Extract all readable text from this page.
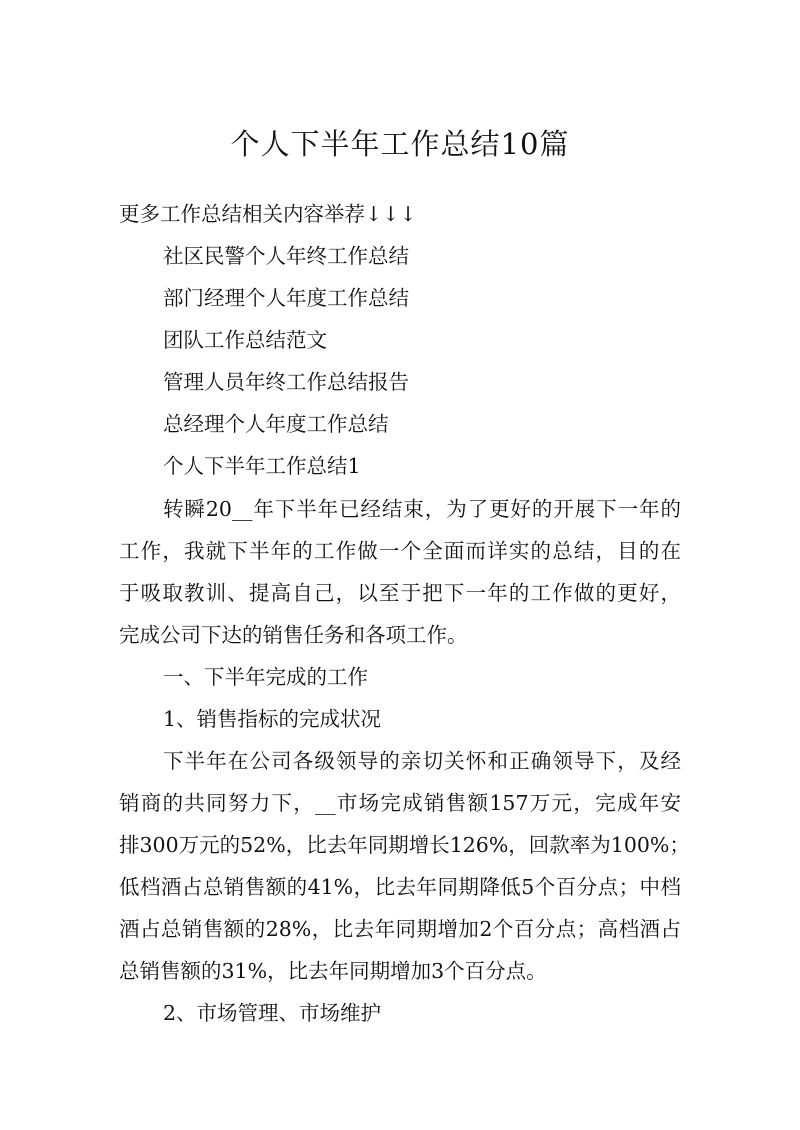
个人下半年工作总结10篇
更多工作总结相关内容举荐↓↓↓
社区民警个人年终工作总结
部门经理个人年度工作总结
团队工作总结范文
管理人员年终工作总结报告
总经理个人年度工作总结
个人下半年工作总结1
转瞬20__年下半年已经结束，为了更好的开展下一年的
工作，我就下半年的工作做一个全面而详实的总结，目的在
于吸取教训、提高自己，以至于把下一年的工作做的更好，
完成公司下达的销售任务和各项工作。
一、下半年完成的工作
1、销售指标的完成状况
下半年在公司各级领导的亲切关怀和正确领导下，及经
销商的共同努力下，__市场完成销售额157万元，完成年安
排300万元的52%，比去年同期增长126%，回款率为100%；
低档酒占总销售额的41%，比去年同期降低5个百分点；中档
酒占总销售额的28%，比去年同期增加2个百分点；高档酒占
总销售额的31%，比去年同期增加3个百分点。
2、市场管理、市场维护
